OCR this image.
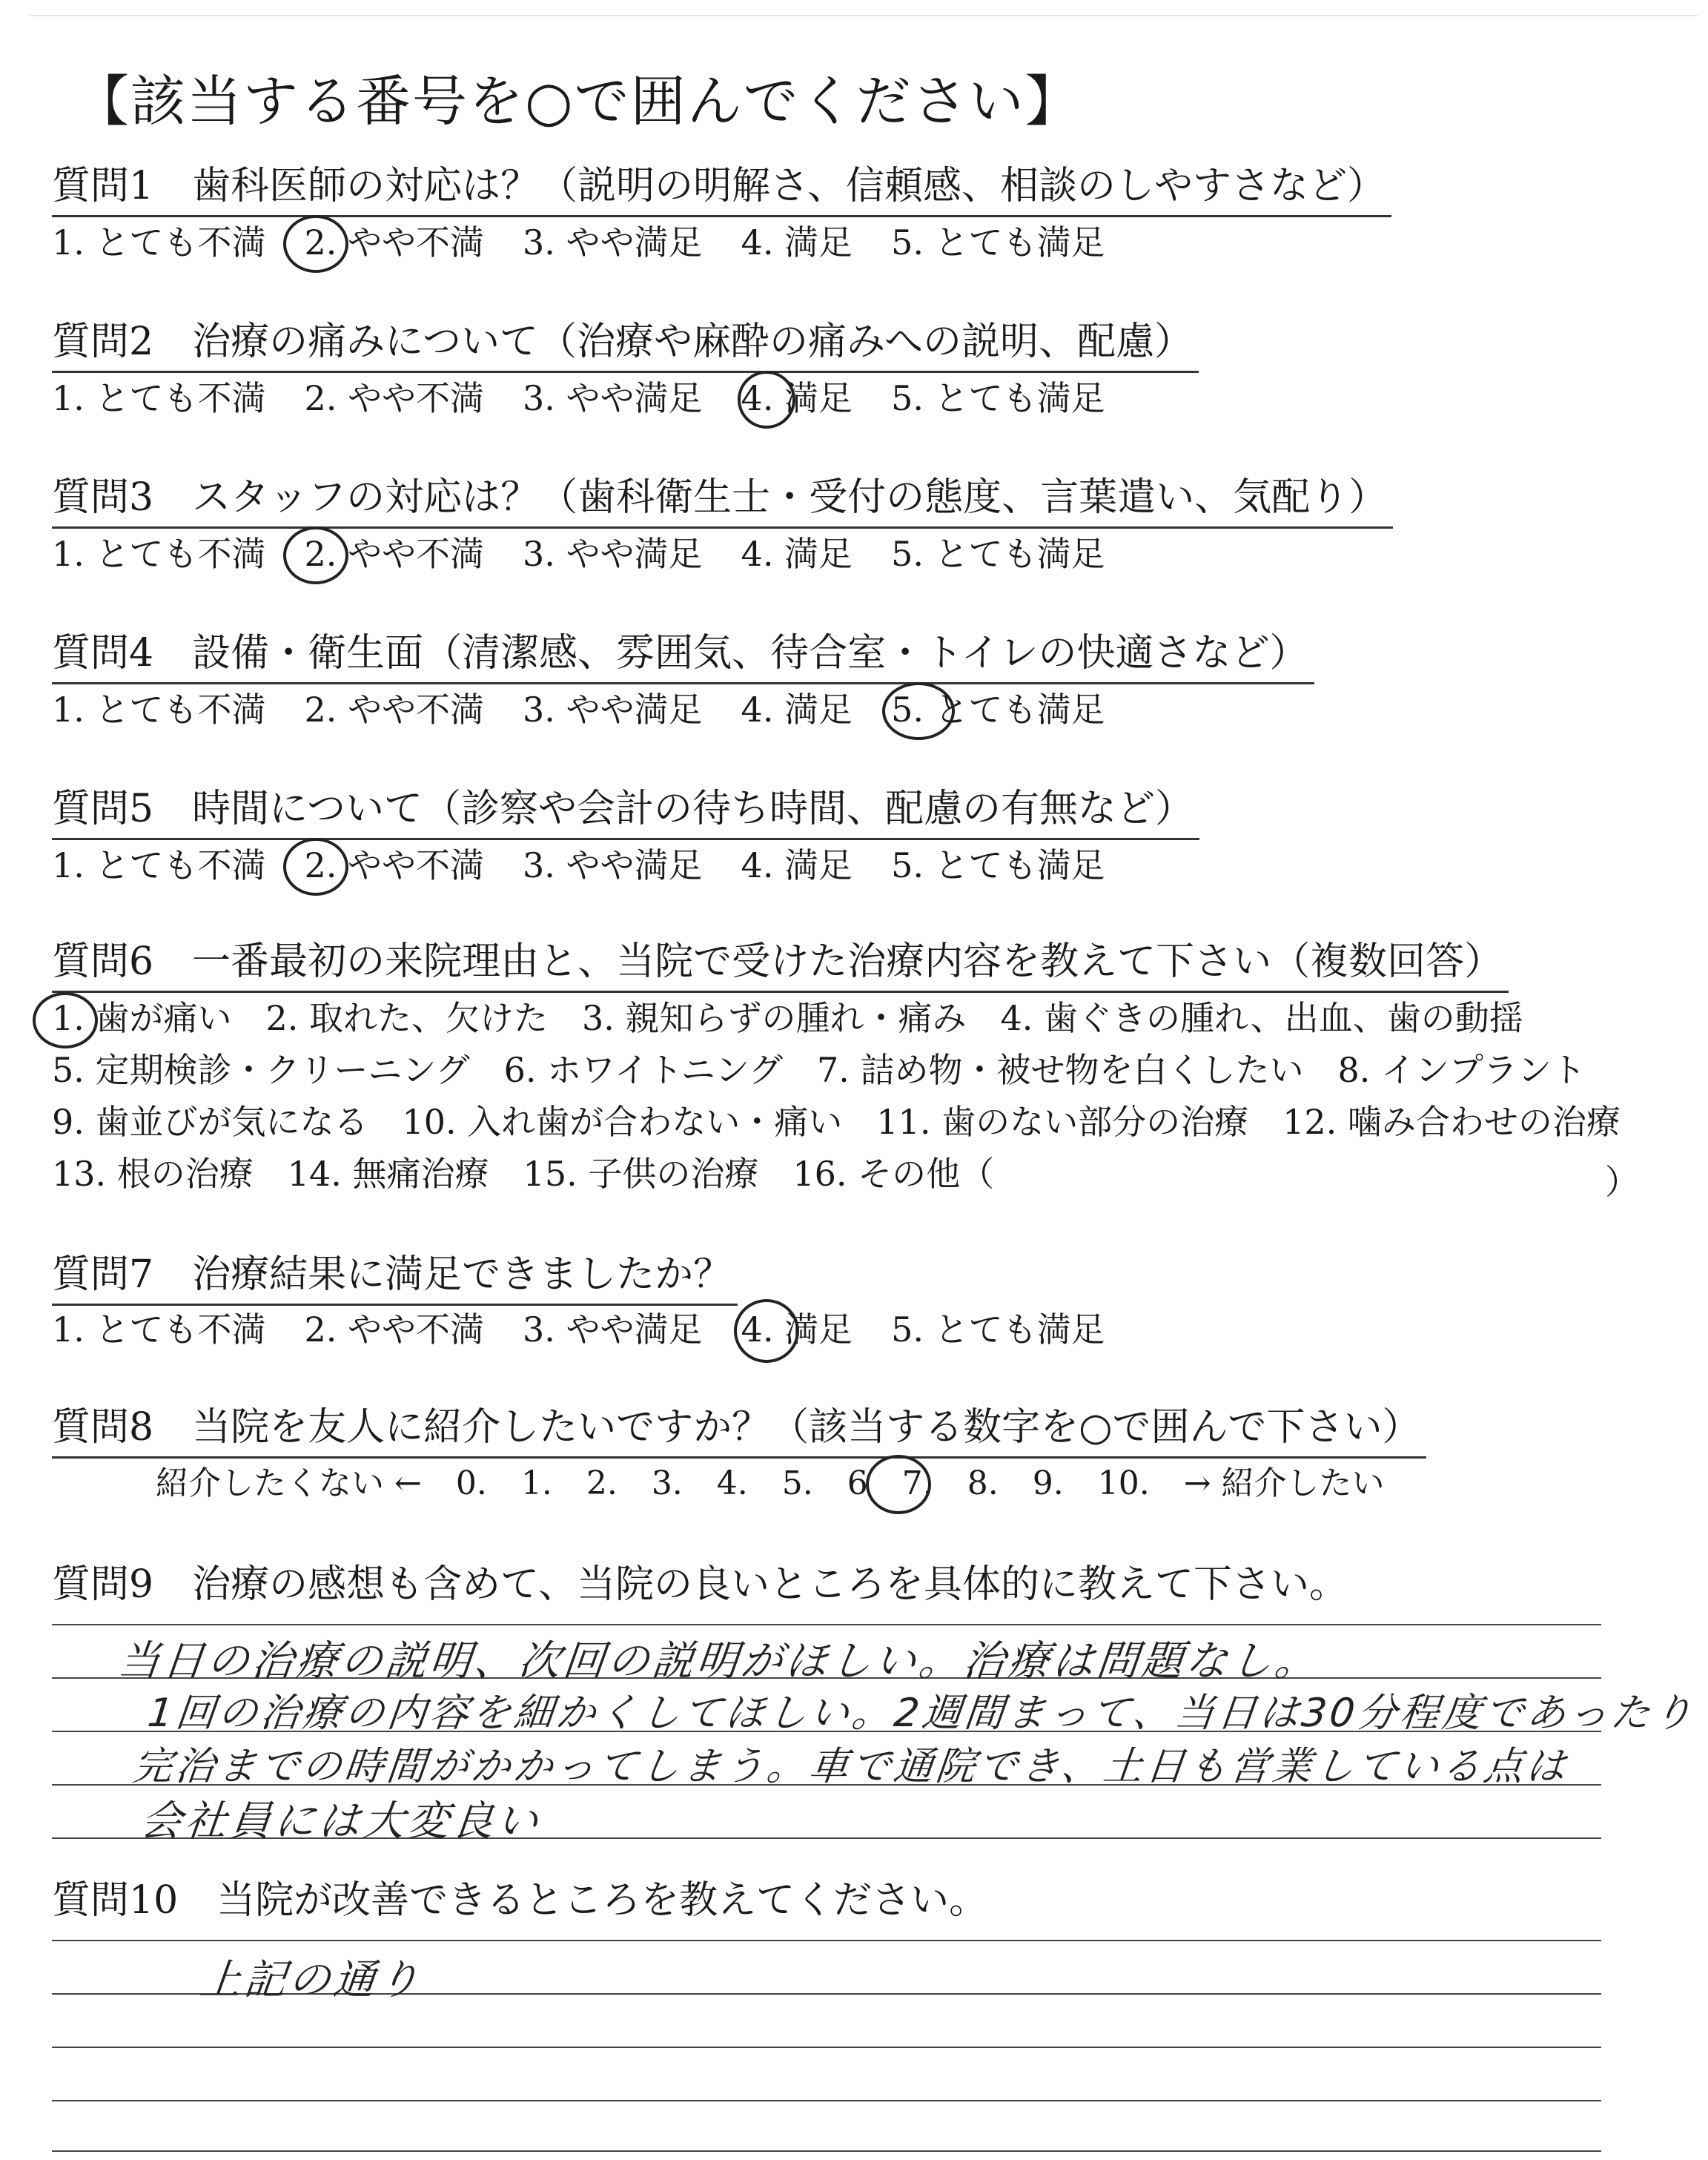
【該当する番号を○で囲んでください】
質問1　歯科医師の対応は？（説明の明解さ、信頼感、相談のしやすさなど）
1. とても不満 2. やや不満 3. やや満足 4. 満足 5. とても満足
質問2　治療の痛みについて（治療や麻酔の痛みへの説明、配慮）
1. とても不満 2. やや不満 3. やや満足 4. 満足 5. とても満足
質問3　スタッフの対応は？（歯科衛生士・受付の態度、言葉遣い、気配り）
1. とても不満 2. やや不満 3. やや満足 4. 満足 5. とても満足
質問4　設備・衛生面（清潔感、雰囲気、待合室・トイレの快適さなど）
1. とても不満 2. やや不満 3. やや満足 4. 満足 5. とても満足
質問5　時間について（診察や会計の待ち時間、配慮の有無など）
1. とても不満 2. やや不満 3. やや満足 4. 満足 5. とても満足
質問6　一番最初の来院理由と、当院で受けた治療内容を教えて下さい（複数回答）
1. 歯が痛い　2. 取れた、欠けた　3. 親知らずの腫れ・痛み　4. 歯ぐきの腫れ、出血、歯の動揺
5. 定期検診・クリーニング　6. ホワイトニング　7. 詰め物・被せ物を白くしたい　8. インプラント
9. 歯並びが気になる　10. 入れ歯が合わない・痛い　11. 歯のない部分の治療　12. 噛み合わせの治療
13. 根の治療　14. 無痛治療　15. 子供の治療　16. その他（	）
質問7　治療結果に満足できましたか？
1. とても不満 2. やや不満 3. やや満足 4. 満足 5. とても満足
質問8　当院を友人に紹介したいですか？（該当する数字を○で囲んで下さい）
紹介したくない ← 0. 1. 2. 3. 4. 5. 6 7. 8. 9. 10. → 紹介したい
質問9　治療の感想も含めて、当院の良いところを具体的に教えて下さい。
当日の治療の説明、次回の説明がほしい。治療は問題なし。
1回の治療の内容を細かくしてほしい。2週間まって、当日は30分程度であったり
完治までの時間がかかってしまう。車で通院でき、土日も営業している点は
会社員には大変良い
質問10　当院が改善できるところを教えてください。
上記の通り
